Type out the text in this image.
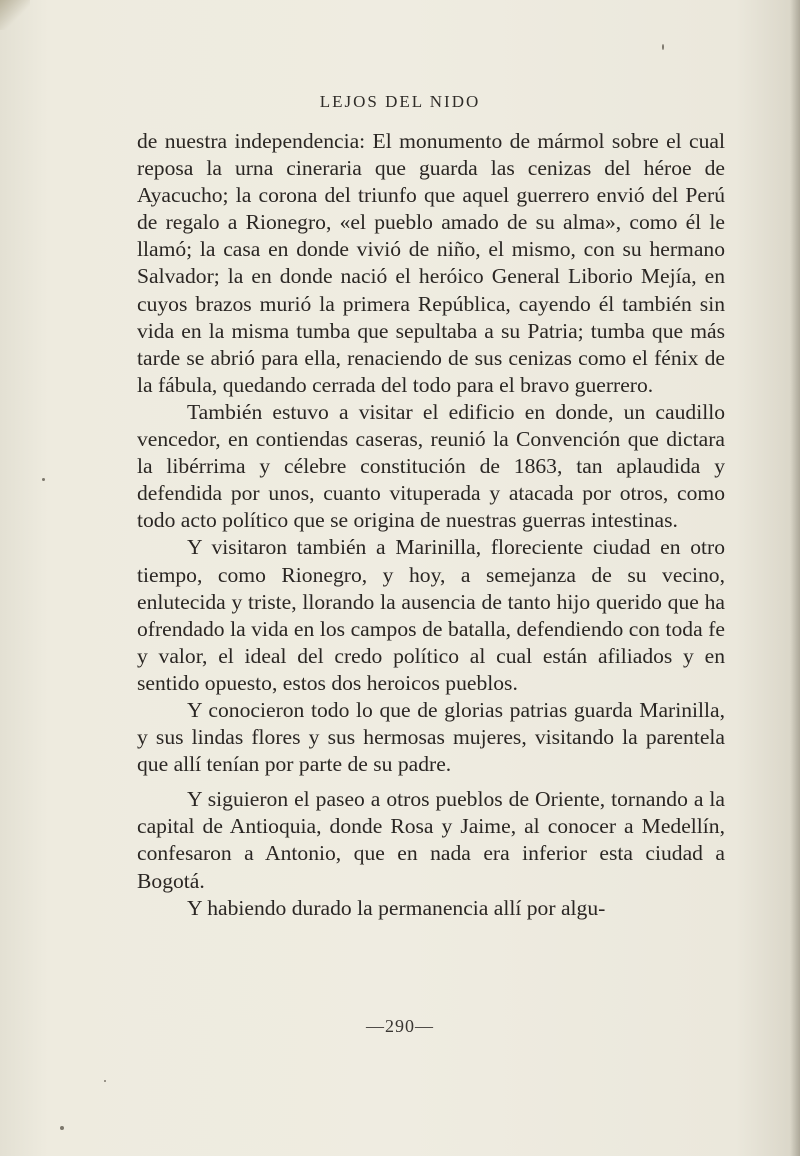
LEJOS DEL NIDO

de nuestra independencia: El monumento de mármol sobre el cual reposa la urna cineraria que guarda las cenizas del héroe de Ayacucho; la corona del triunfo que aquel guerrero envió del Perú de regalo a Rionegro, «el pueblo amado de su alma», como él le llamó; la casa en donde vivió de niño, el mismo, con su hermano Salvador; la en donde nació el heróico General Liborio Mejía, en cuyos brazos murió la primera República, cayendo él también sin vida en la misma tumba que sepultaba a su Patria; tumba que más tarde se abrió para ella, renaciendo de sus cenizas como el fénix de la fábula, quedando cerrada del todo para el bravo guerrero.

También estuvo a visitar el edificio en donde, un caudillo vencedor, en contiendas caseras, reunió la Convención que dictara la libérrima y célebre constitución de 1863, tan aplaudida y defendida por unos, cuanto vituperada y atacada por otros, como todo acto político que se origina de nuestras guerras intestinas.

Y visitaron también a Marinilla, floreciente ciudad en otro tiempo, como Rionegro, y hoy, a semejanza de su vecino, enlutecida y triste, llorando la ausencia de tanto hijo querido que ha ofrendado la vida en los campos de batalla, defendiendo con toda fe y valor, el ideal del credo político al cual están afiliados y en sentido opuesto, estos dos heroicos pueblos.

Y conocieron todo lo que de glorias patrias guarda Marinilla, y sus lindas flores y sus hermosas mujeres, visitando la parentela que allí tenían por parte de su padre.

Y siguieron el paseo a otros pueblos de Oriente, tornando a la capital de Antioquia, donde Rosa y Jaime, al conocer a Medellín, confesaron a Antonio, que en nada era inferior esta ciudad a Bogotá.

Y habiendo durado la permanencia allí por algu-

—290—
